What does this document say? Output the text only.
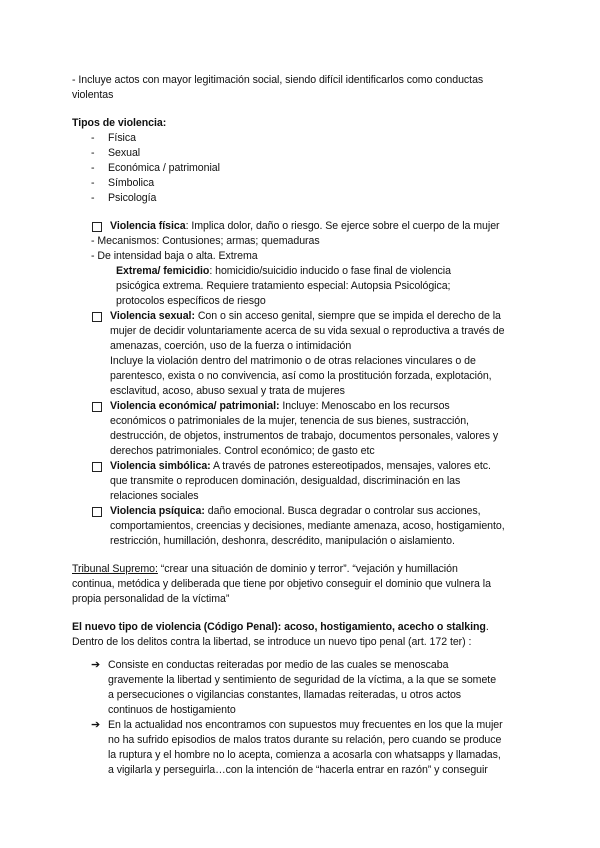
- Incluye actos con mayor legitimación social, siendo difícil identificarlos como conductas
violentas
Tipos de violencia:
- Física
- Sexual
- Económica / patrimonial
- Símbolica
- Psicología
Violencia física: Implica dolor, daño o riesgo. Se ejerce sobre el cuerpo de la mujer
- Mecanismos: Contusiones; armas; quemaduras
- De intensidad baja o alta. Extrema
Extrema/ femicidio: homicidio/suicidio inducido o fase final de violencia
psicógica extrema. Requiere tratamiento especial: Autopsia Psicológica;
protocolos específicos de riesgo
Violencia sexual: Con o sin acceso genital, siempre que se impida el derecho de la
mujer de decidir voluntariamente acerca de su vida sexual o reproductiva a través de
amenazas, coerción, uso de la fuerza o intimidación
Incluye la violación dentro del matrimonio o de otras relaciones vinculares o de
parentesco, exista o no convivencia, así como la prostitución forzada, explotación,
esclavitud, acoso, abuso sexual y trata de mujeres
Violencia económica/ patrimonial: Incluye: Menoscabo en los recursos
económicos o patrimoniales de la mujer, tenencia de sus bienes, sustracción,
destrucción, de objetos, instrumentos de trabajo, documentos personales, valores y
derechos patrimoniales. Control económico; de gasto etc
Violencia simbólica: A través de patrones estereotipados, mensajes, valores etc.
que transmite o reproducen dominación, desigualdad, discriminación en las
relaciones sociales
Violencia psíquica: daño emocional. Busca degradar o controlar sus acciones,
comportamientos, creencias y decisiones, mediante amenaza, acoso, hostigamiento,
restricción, humillación, deshonra, descrédito, manipulación o aislamiento.
Tribunal Supremo: “crear una situación de dominio y terror”. “vejación y humillación
continua, metódica y deliberada que tiene por objetivo conseguir el dominio que vulnera la
propia personalidad de la víctima”
El nuevo tipo de violencia (Código Penal): acoso, hostigamiento, acecho o stalking.
Dentro de los delitos contra la libertad, se introduce un nuevo tipo penal (art. 172 ter) :
➔ Consiste en conductas reiteradas por medio de las cuales se menoscaba
gravemente la libertad y sentimiento de seguridad de la víctima, a la que se somete
a persecuciones o vigilancias constantes, llamadas reiteradas, u otros actos
continuos de hostigamiento
➔ En la actualidad nos encontramos con supuestos muy frecuentes en los que la mujer
no ha sufrido episodios de malos tratos durante su relación, pero cuando se produce
la ruptura y el hombre no lo acepta, comienza a acosarla con whatsapps y llamadas,
a vigilarla y perseguirla…con la intención de “hacerla entrar en razón” y conseguir
